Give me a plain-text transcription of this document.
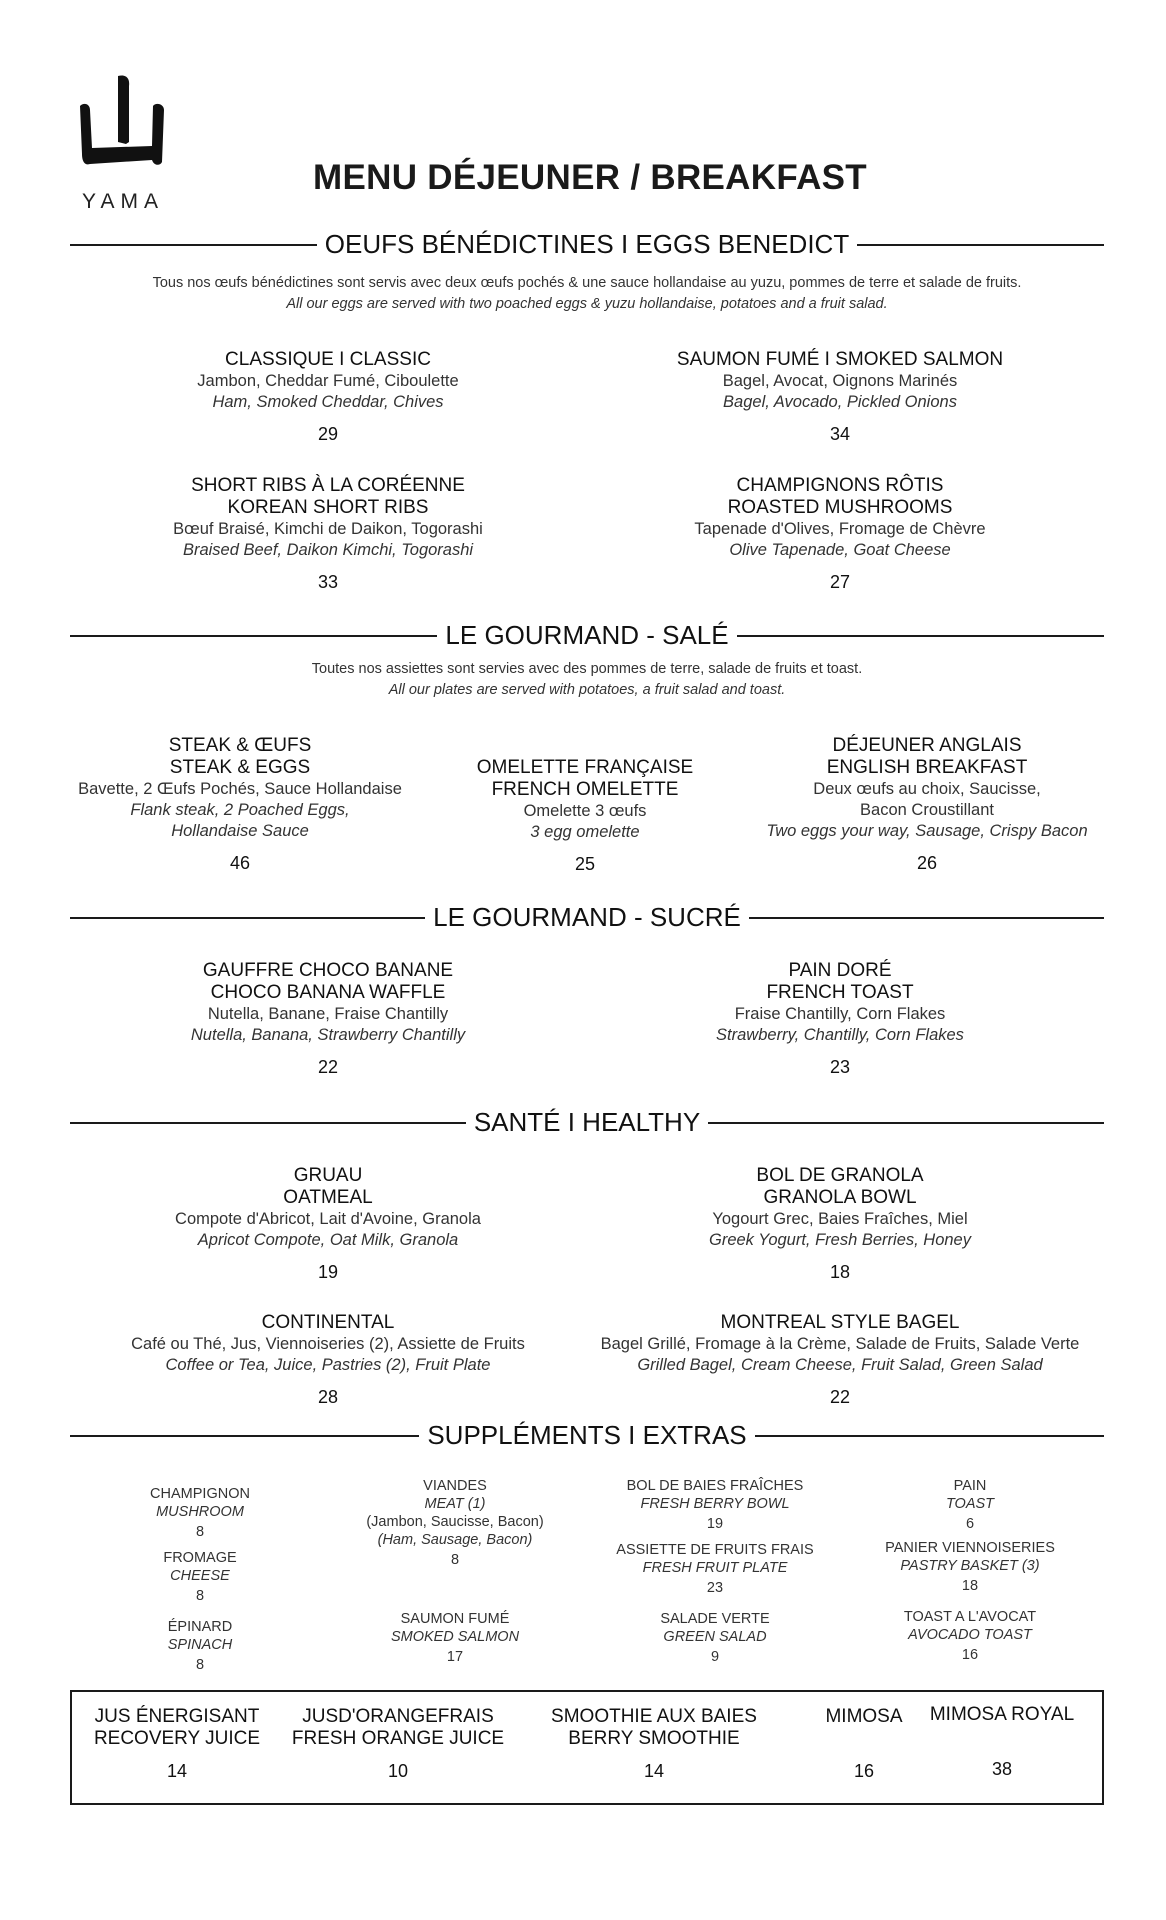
YAMA
MENU DÉJEUNER / BREAKFAST
OEUFS BÉNÉDICTINES I EGGS BENEDICT
Tous nos œufs bénédictines sont servis avec deux œufs pochés & une sauce hollandaise au yuzu, pommes de terre et salade de fruits.
All our eggs are served with two poached eggs & yuzu hollandaise, potatoes and a fruit salad.
CLASSIQUE I CLASSIC
Jambon, Cheddar Fumé, Ciboulette
Ham, Smoked Cheddar, Chives
29
SAUMON FUMÉ I SMOKED SALMON
Bagel, Avocat, Oignons Marinés
Bagel, Avocado, Pickled Onions
34
SHORT RIBS À LA CORÉENNE
KOREAN SHORT RIBS
Bœuf Braisé, Kimchi de Daikon, Togorashi
Braised Beef, Daikon Kimchi, Togorashi
33
CHAMPIGNONS RÔTIS
ROASTED MUSHROOMS
Tapenade d'Olives, Fromage de Chèvre
Olive Tapenade, Goat Cheese
27
LE GOURMAND - SALÉ
Toutes nos assiettes sont servies avec des pommes de terre, salade de fruits et toast.
All our plates are served with potatoes, a fruit salad and toast.
STEAK & ŒUFS
STEAK & EGGS
Bavette, 2 Œufs Pochés, Sauce Hollandaise
Flank steak, 2 Poached Eggs, Hollandaise Sauce
46
OMELETTE FRANÇAISE
FRENCH OMELETTE
Omelette 3 œufs
3 egg omelette
25
DÉJEUNER ANGLAIS
ENGLISH BREAKFAST
Deux œufs au choix, Saucisse, Bacon Croustillant
Two eggs your way, Sausage, Crispy Bacon
26
LE GOURMAND - SUCRÉ
GAUFFRE CHOCO BANANE
CHOCO BANANA WAFFLE
Nutella, Banane, Fraise Chantilly
Nutella, Banana, Strawberry Chantilly
22
PAIN DORÉ
FRENCH TOAST
Fraise Chantilly, Corn Flakes
Strawberry, Chantilly, Corn Flakes
23
SANTÉ I HEALTHY
GRUAU
OATMEAL
Compote d'Abricot, Lait d'Avoine, Granola
Apricot Compote, Oat Milk, Granola
19
BOL DE GRANOLA
GRANOLA BOWL
Yogourt Grec, Baies Fraîches, Miel
Greek Yogurt, Fresh Berries, Honey
18
CONTINENTAL
Café ou Thé, Jus, Viennoiseries (2), Assiette de Fruits
Coffee or Tea, Juice, Pastries (2), Fruit Plate
28
MONTREAL STYLE BAGEL
Bagel Grillé, Fromage à la Crème, Salade de Fruits, Salade Verte
Grilled Bagel, Cream Cheese, Fruit Salad, Green Salad
22
SUPPLÉMENTS I EXTRAS
CHAMPIGNON
MUSHROOM
8
FROMAGE
CHEESE
8
ÉPINARD
SPINACH
8
VIANDES
MEAT (1)
(Jambon, Saucisse, Bacon)
(Ham, Sausage, Bacon)
8
SAUMON FUMÉ
SMOKED SALMON
17
BOL DE BAIES FRAÎCHES
FRESH BERRY BOWL
19
ASSIETTE DE FRUITS FRAIS
FRESH FRUIT PLATE
23
SALADE VERTE
GREEN SALAD
9
PAIN
TOAST
6
PANIER VIENNOISERIES
PASTRY BASKET (3)
18
TOAST A L'AVOCAT
AVOCADO TOAST
16
JUS ÉNERGISANT
RECOVERY JUICE
14
JUSD'ORANGEFRAIS
FRESH ORANGE JUICE
10
SMOOTHIE AUX BAIES
BERRY SMOOTHIE
14
MIMOSA

16
MIMOSA ROYAL

38
